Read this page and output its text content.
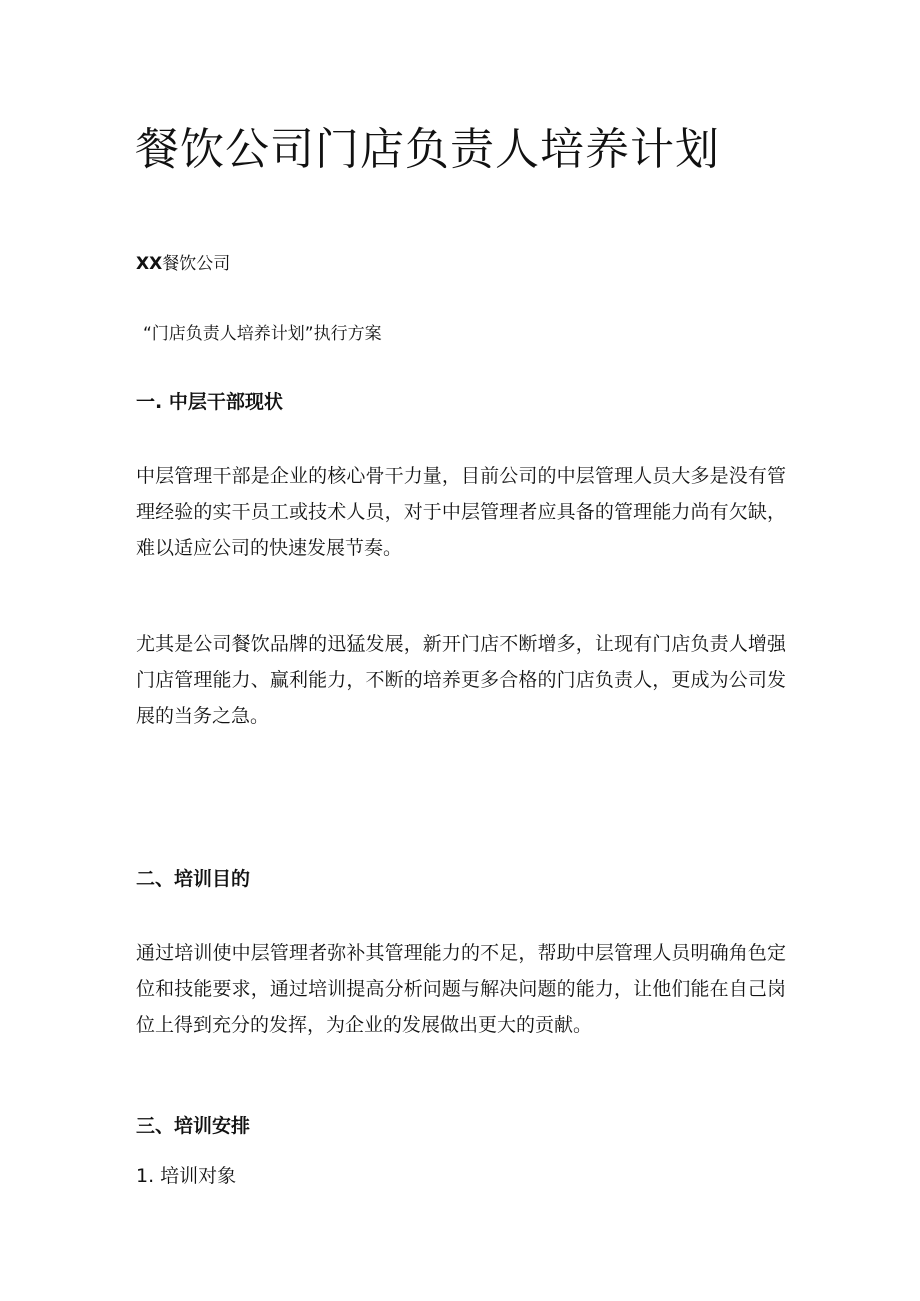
餐饮公司门店负责人培养计划
XX餐饮公司
“门店负责人培养计划”执行方案
一. 中层干部现状

中层管理干部是企业的核心骨干力量，目前公司的中层管理人员大多是没有管理经验的实干员工或技术人员，对于中层管理者应具备的管理能力尚有欠缺，难以适应公司的快速发展节奏。

尤其是公司餐饮品牌的迅猛发展，新开门店不断增多，让现有门店负责人增强门店管理能力、赢利能力，不断的培养更多合格的门店负责人，更成为公司发展的当务之急。

二、培训目的

通过培训使中层管理者弥补其管理能力的不足，帮助中层管理人员明确角色定位和技能要求，通过培训提高分析问题与解决问题的能力，让他们能在自己岗位上得到充分的发挥，为企业的发展做出更大的贡献。

三、培训安排

1. 培训对象
